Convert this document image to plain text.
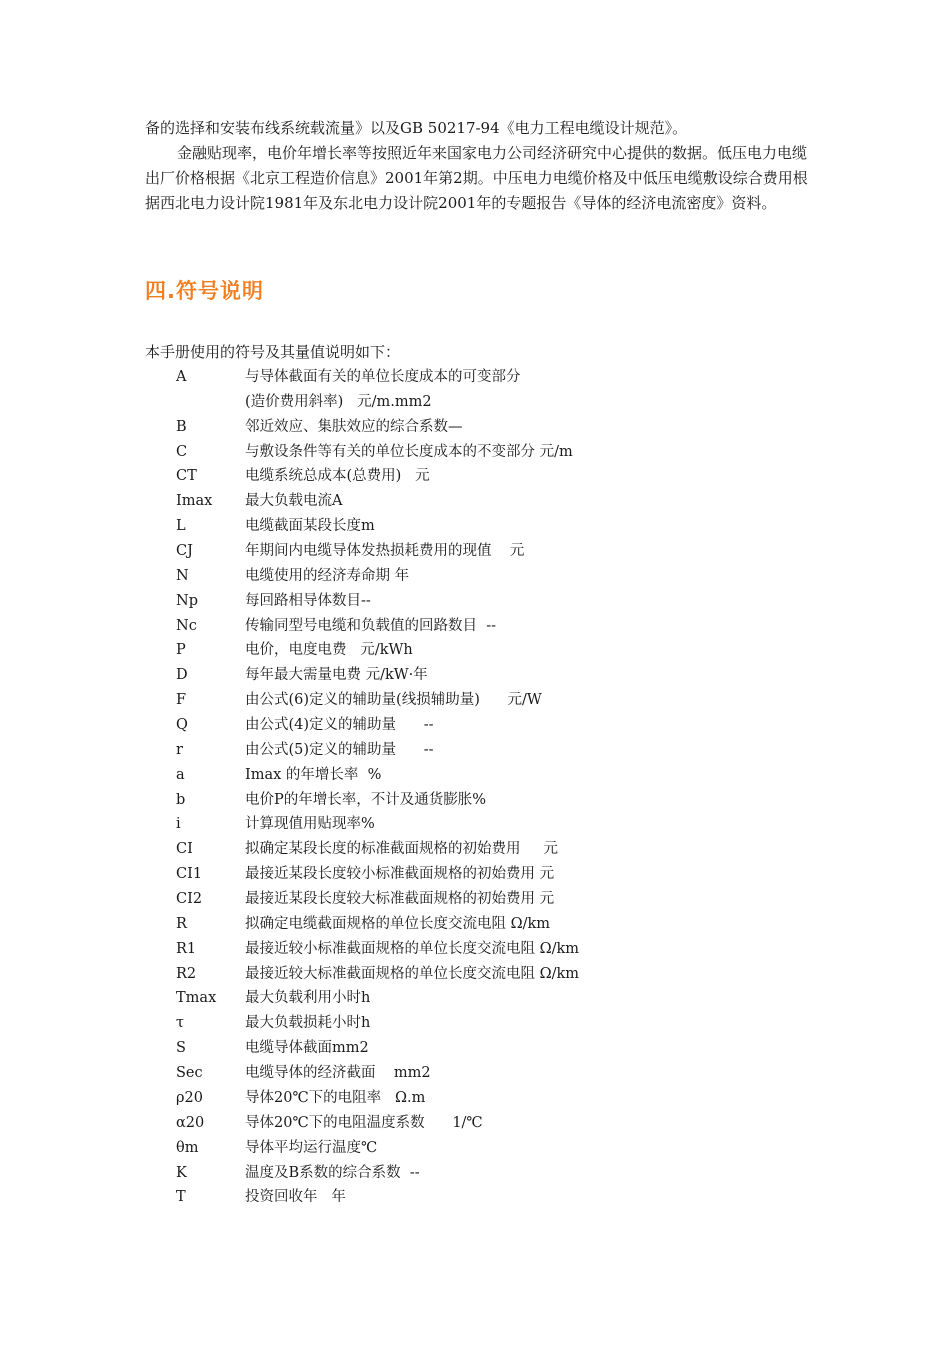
备的选择和安装布线系统载流量》以及GB 50217-94《电力工程电缆设计规范》。

金融贴现率，电价年增长率等按照近年来国家电力公司经济研究中心提供的数据。低压电力电缆出厂价格根据《北京工程造价信息》2001年第2期。中压电力电缆价格及中低压电缆敷设综合费用根据西北电力设计院1981年及东北电力设计院2001年的专题报告《导体的经济电流密度》资料。

四.符号说明
本手册使用的符号及其量值说明如下：
A	与导体截面有关的单位长度成本的可变部分
(造价费用斜率)   元/m.mm2
B	邻近效应、集肤效应的综合系数—
C	与敷设条件等有关的单位长度成本的不变部分 元/m
CT	电缆系统总成本(总费用)   元
Imax	最大负载电流A
L	电缆截面某段长度m
CJ	年期间内电缆导体发热损耗费用的现值    元
N	电缆使用的经济寿命期 年
Np	每回路相导体数目--
Nc	传输同型号电缆和负载值的回路数目  --
P	电价，电度电费   元/kWh
D	每年最大需量电费 元/kW·年
F	由公式(6)定义的辅助量(线损辅助量)      元/W
Q	由公式(4)定义的辅助量      --
r	由公式(5)定义的辅助量      --
a	Imax 的年增长率  %
b	电价P的年增长率，不计及通货膨胀%
i	计算现值用贴现率%
CI	拟确定某段长度的标准截面规格的初始费用     元
CI1	最接近某段长度较小标准截面规格的初始费用 元
CI2	最接近某段长度较大标准截面规格的初始费用 元
R	拟确定电缆截面规格的单位长度交流电阻 Ω/km
R1	最接近较小标准截面规格的单位长度交流电阻 Ω/km
R2	最接近较大标准截面规格的单位长度交流电阻 Ω/km
Tmax	最大负载利用小时h
τ	最大负载损耗小时h
S	电缆导体截面mm2
Sec	电缆导体的经济截面    mm2
ρ20	导体20℃下的电阻率   Ω.m
α20	导体20℃下的电阻温度系数      1/℃
θm	导体平均运行温度℃
K	温度及B系数的综合系数  --
T	投资回收年   年
